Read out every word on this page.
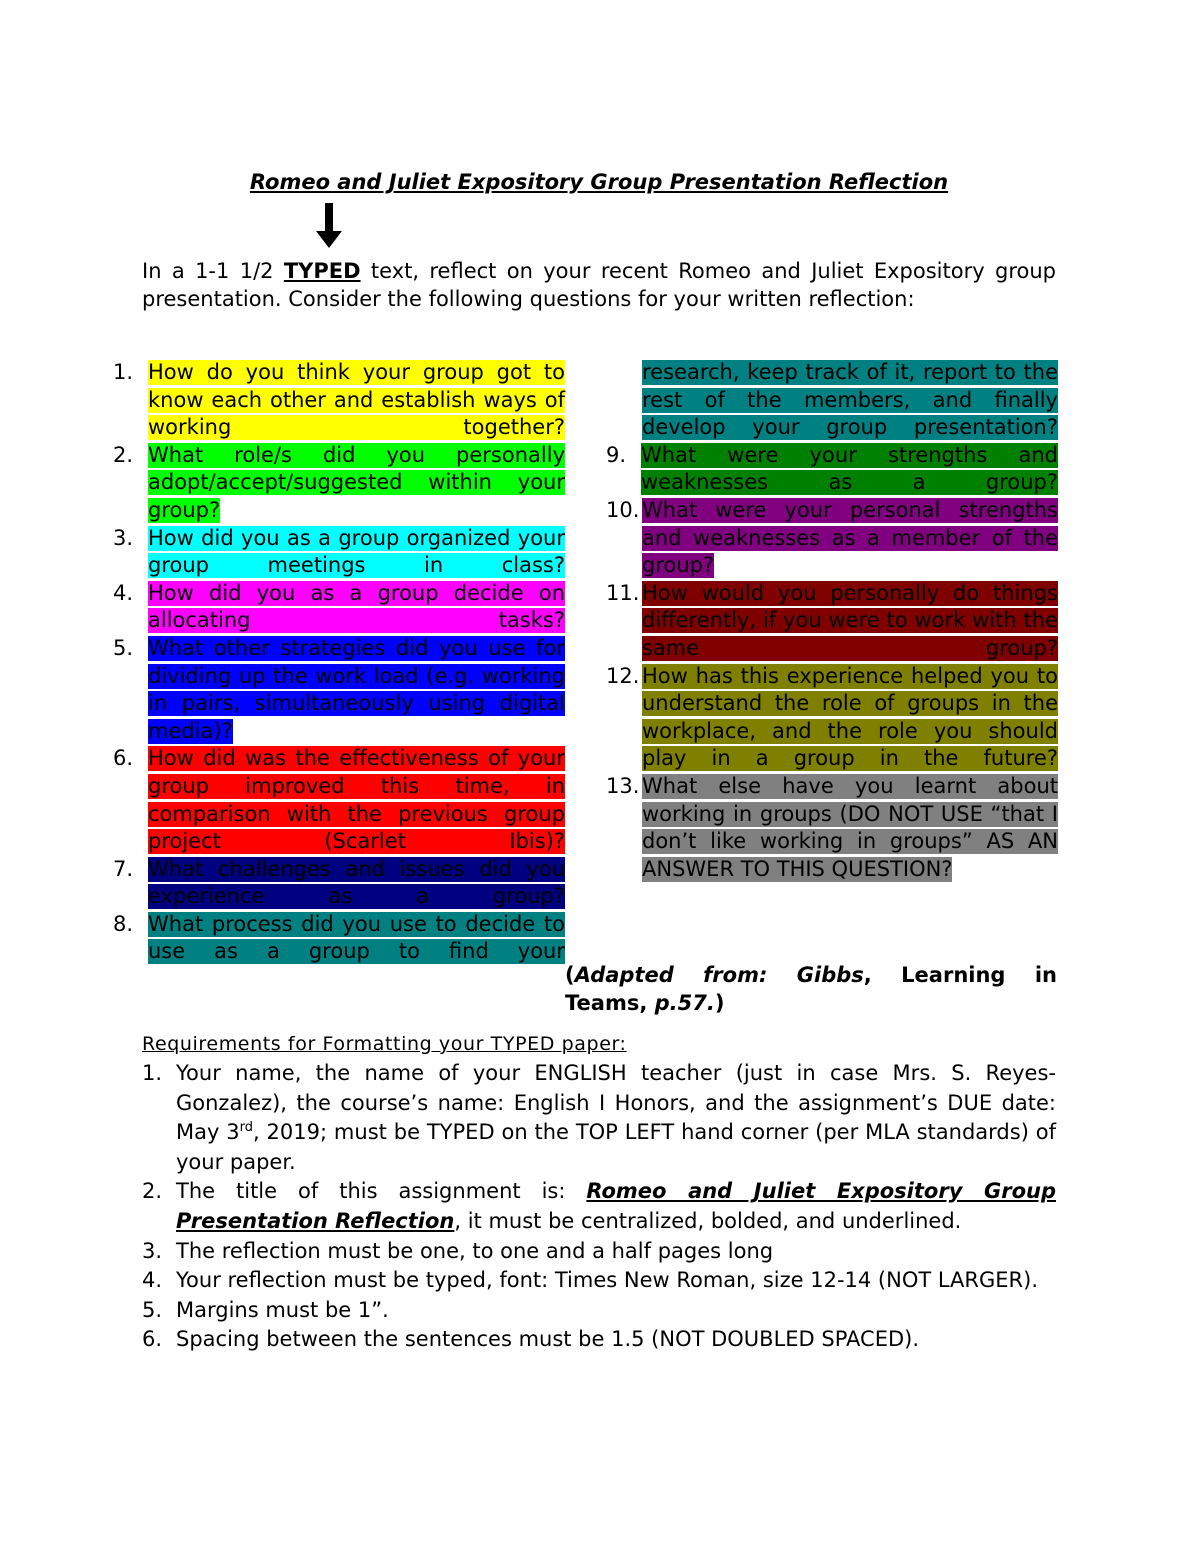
Romeo and Juliet Expository Group Presentation Reflection
In a 1-1 1/2 TYPED text, reflect on your recent Romeo and Juliet Expository group presentation. Consider the following questions for your written reflection:
1. How do you think your group got to know each other and establish ways of working together?
2. What role/s did you personally adopt/accept/suggested within your group?
3. How did you as a group organized your group meetings in class?
4. How did you as a group decide on allocating tasks?
5. What other strategies did you use for dividing up the work load (e.g. working in pairs, simultaneously using digital media)?
6. How did was the effectiveness of your group improved this time, in comparison with the previous group project (Scarlet Ibis)?
7. What challenges and issues did you experience as a group?
8. What process did you use to decide to use as a group to find your
research, keep track of it, report to the rest of the members, and finally develop your group presentation?
9. What were your strengths and weaknesses as a group?
10. What were your personal strengths and weaknesses as a member of the group?
11. How would you personally do things differently, if you were to work with the same group?
12. How has this experience helped you to understand the role of groups in the workplace, and the role you should play in a group in the future?
13. What else have you learnt about working in groups (DO NOT USE “that I don’t like working in groups” AS AN ANSWER TO THIS QUESTION?
(Adapted from: Gibbs, Learning in Teams, p.57.)
Requirements for Formatting your TYPED paper:
1. Your name, the name of your ENGLISH teacher (just in case Mrs. S. Reyes-Gonzalez), the course’s name: English I Honors, and the assignment’s DUE date: May 3rd, 2019; must be TYPED on the TOP LEFT hand corner (per MLA standards) of your paper.
2. The title of this assignment is: Romeo and Juliet Expository Group Presentation Reflection, it must be centralized, bolded, and underlined.
3. The reflection must be one, to one and a half pages long
4. Your reflection must be typed, font: Times New Roman, size 12-14 (NOT LARGER).
5. Margins must be 1”.
6. Spacing between the sentences must be 1.5 (NOT DOUBLED SPACED).
